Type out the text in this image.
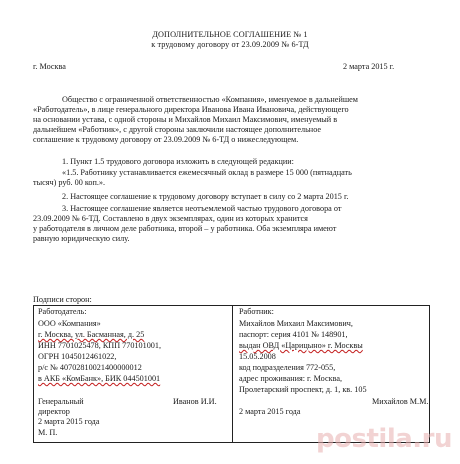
ДОПОЛНИТЕЛЬНОЕ СОГЛАШЕНИЕ № 1
к трудовому договору от 23.09.2009 № 6-ТД
г. Москва	2 марта 2015 г.
Общество с ограниченной ответственностью «Компания», именуемое в дальнейшем
«Работодатель», в лице генерального директора Иванова Ивана Ивановича, действующего
на основании устава, с одной стороны и Михайлов Михаил Максимович, именуемый в
дальнейшем «Работник», с другой стороны заключили настоящее дополнительное
соглашение к трудовому договору от 23.09.2009 № 6-ТД о нижеследующем.
1. Пункт 1.5 трудового договора изложить в следующей редакции:
«1.5. Работнику устанавливается ежемесячный оклад в размере 15 000 (пятнадцать
тысяч) руб. 00 коп.».
2. Настоящее соглашение к трудовому договору вступает в силу со 2 марта 2015 г.
3. Настоящее соглашение является неотъемлемой частью трудового договора от
23.09.2009 № 6-ТД. Составлено в двух экземплярах, один из которых хранится
у работодателя в личном деле работника, второй – у работника. Оба экземпляра имеют
равную юридическую силу.
Подписи сторон:
Работодатель:
ООО «Компания»
г. Москва, ул. Басманная, д. 25
ИНН 7701025478, КПП 770101001,
ОГРН 1045012461022,
р/с № 40702810021400000012
в АКБ «КомБанк», БИК 044501001
Генеральный
директор
Иванов И.И.
2 марта 2015 года
М. П.
Работник:
Михайлов Михаил Максимович,
паспорт: серия 4101 № 148901,
выдан ОВД «Царицыно» г. Москвы
15.05.2008
код подразделения 772-055,
адрес проживания: г. Москва,
Пролетарский проспект, д. 1, кв. 105
Михайлов М.М.
2 марта 2015 года
postila.ru
